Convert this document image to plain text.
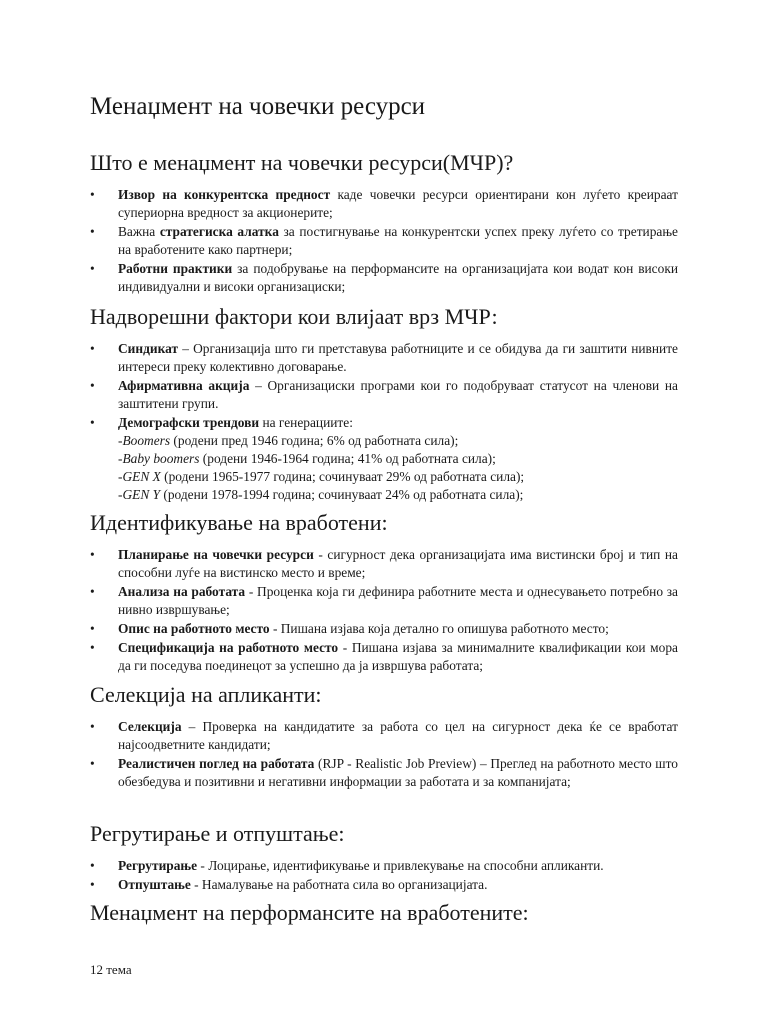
Менаџмент на човечки ресурси
Што е менаџмент на човечки ресурси(МЧР)?
• Извор на конкурентска предност каде човечки ресурси ориентирани кон луѓето креираат супериорна вредност за акционерите;
• Важна стратегиска алатка за постигнување на конкурентски успех преку луѓето со третирање на вработените како партнери;
• Работни практики за подобрување на перформансите на организацијата кои водат кон високи индивидуални и високи организациски;
Надворешни фактори кои влијаат врз МЧР:
• Синдикат – Организација што ги претставува работниците и се обидува да ги заштити нивните интереси преку колективно договарање.
• Афирмативна акција – Организациски програми кои го подобруваат статусот на членови на заштитени групи.
• Демографски трендови на генерациите:
-Boomers (родени пред 1946 година; 6% од работната сила);
-Baby boomers (родени 1946-1964 година; 41% од работната сила);
-GEN X (родени 1965-1977 година; сочинуваат 29% од работната сила);
-GEN Y (родени 1978-1994 година; сочинуваат 24% од работната сила);
Идентификување на вработени:
• Планирање на човечки ресурси - сигурност дека организацијата има вистински број и тип на способни луѓе на вистинско место и време;
• Анализа на работата - Проценка која ги дефинира работните места и однесувањето потребно за нивно извршување;
• Опис на работното место - Пишана изјава која детално го опишува работното место;
• Спецификација на работното место - Пишана изјава за минималните квалификации кои мора да ги поседува поединецот за успешно да ја извршува работата;
Селекција на апликанти:
• Селекција – Проверка на кандидатите за работа со цел на сигурност дека ќе се вработат најсоодветните кандидати;
• Реалистичен поглед на работата (RJP - Realistic Job Preview) – Преглед на работното место што обезбедува и позитивни и негативни информации за работата и за компанијата;
Регрутирање и отпуштање:
• Регрутирање - Лоцирање, идентификување и привлекување на способни апликанти.
• Отпуштање - Намалување на работната сила во организацијата.
Менаџмент на перформансите на вработените:
12 тема
